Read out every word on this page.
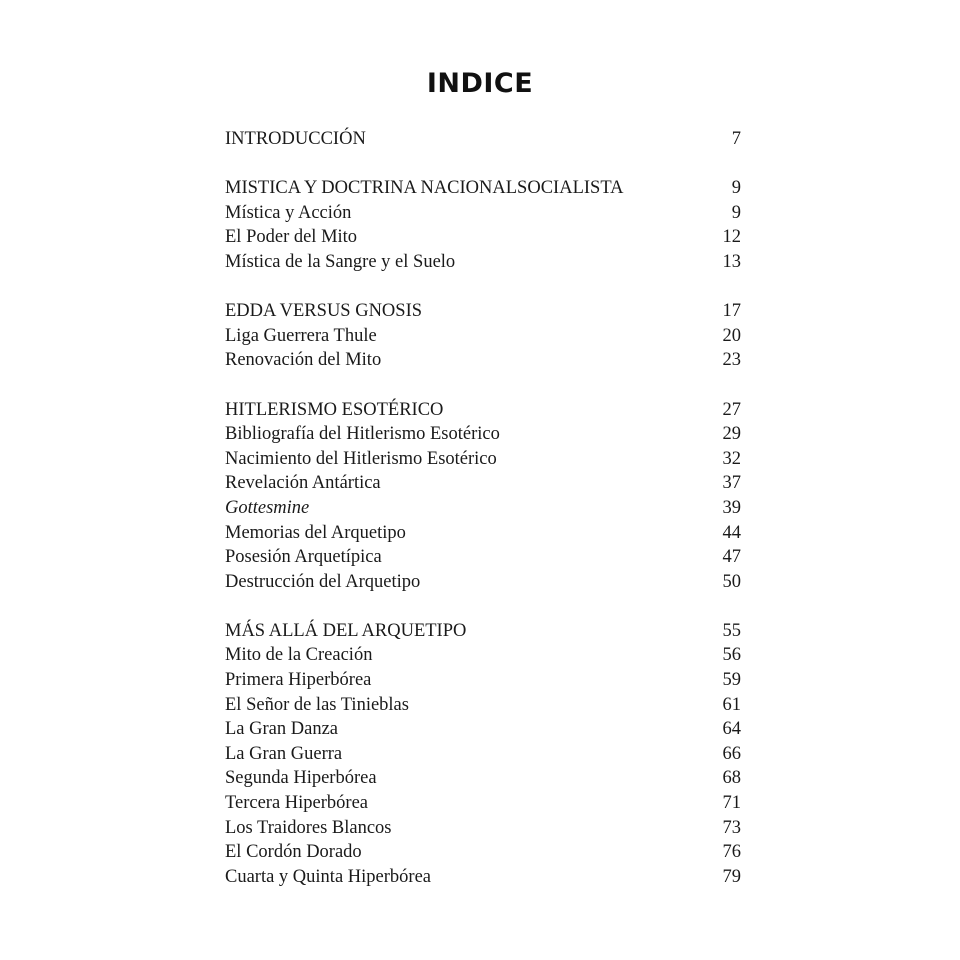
INDICE
INTRODUCCIÓN	7
MISTICA Y DOCTRINA NACIONALSOCIALISTA	9
Mística y Acción	9
El Poder del Mito	12
Mística de la Sangre y el Suelo	13
EDDA VERSUS GNOSIS	17
Liga Guerrera Thule	20
Renovación del Mito	23
HITLERISMO ESOTÉRICO	27
Bibliografía del Hitlerismo Esotérico	29
Nacimiento del Hitlerismo Esotérico	32
Revelación Antártica	37
Gottesmine	39
Memorias del Arquetipo	44
Posesión Arquetípica	47
Destrucción del Arquetipo	50
MÁS ALLÁ DEL ARQUETIPO	55
Mito de la Creación	56
Primera Hiperbórea	59
El Señor de las Tinieblas	61
La Gran Danza	64
La Gran Guerra	66
Segunda Hiperbórea	68
Tercera Hiperbórea	71
Los Traidores Blancos	73
El Cordón Dorado	76
Cuarta y Quinta Hiperbórea	79
